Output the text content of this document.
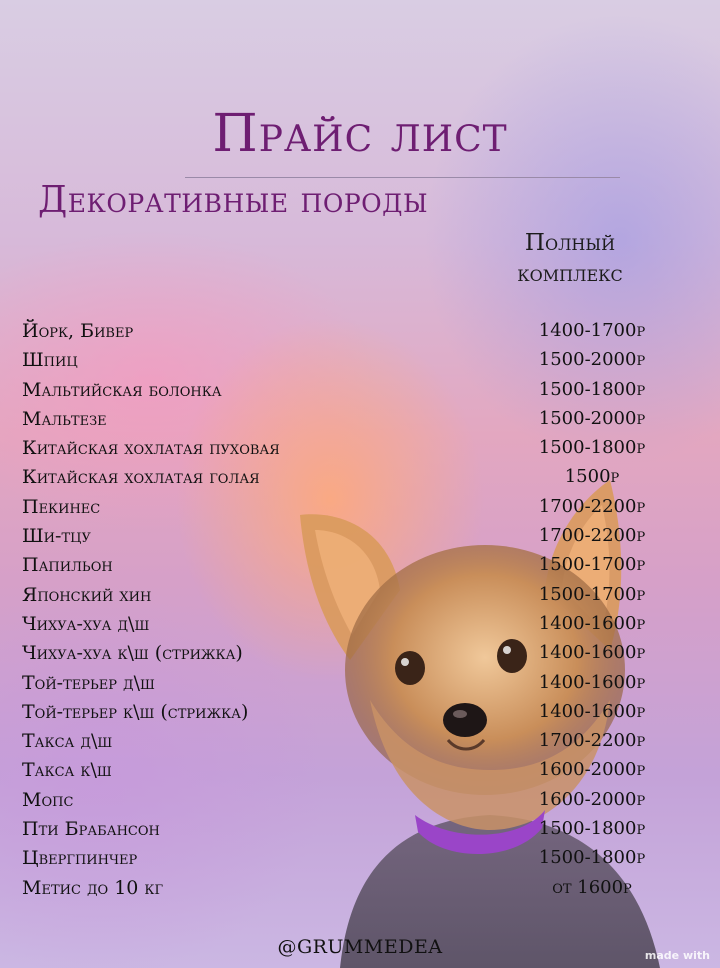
Прайс лист
Декоративные породы
Полный
комплекс
Йорк, Бивер	1400-1700р
Шпиц	1500-2000р
Мальтийская болонка	1500-1800р
Мальтезе	1500-2000р
Китайская хохлатая пуховая	1500-1800р
Китайская хохлатая голая	1500р
Пекинес	1700-2200р
Ши-тцу	1700-2200р
Папильон	1500-1700р
Японский хин	1500-1700р
Чихуа-хуа д\ш	1400-1600р
Чихуа-хуа к\ш (стрижка)	1400-1600р
Той-терьер д\ш	1400-1600р
Той-терьер к\ш (стрижка)	1400-1600р
Такса д\ш	1700-2200р
Такса к\ш	1600-2000р
Мопс	1600-2000р
Пти Брабансон	1500-1800р
Цвергпинчер	1500-1800р
Метис до 10 кг	от 1600р
@GRUMMEDEA	made with
